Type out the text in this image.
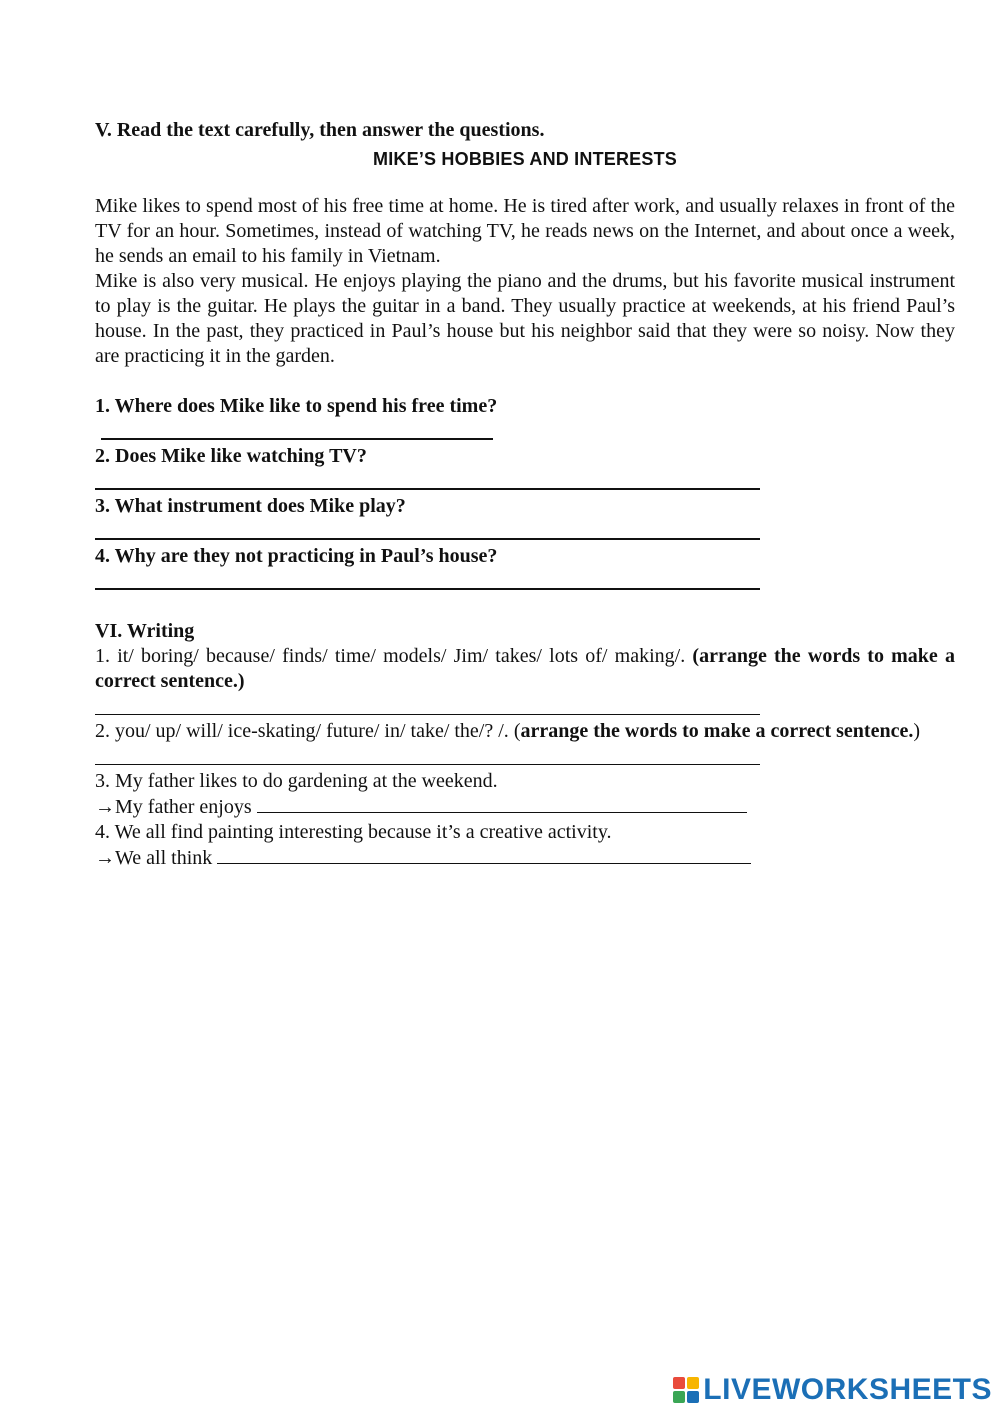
V. Read the text carefully, then answer the questions.

MIKE’S HOBBIES AND INTERESTS

Mike likes to spend most of his free time at home. He is tired after work, and usually relaxes in front of the TV for an hour. Sometimes, instead of watching TV, he reads news on the Internet, and about once a week, he sends an email to his family in Vietnam.

Mike is also very musical. He enjoys playing the piano and the drums, but his favorite musical instrument to play is the guitar. He plays the guitar in a band. They usually practice at weekends, at his friend Paul’s house. In the past, they practiced in Paul’s house but his neighbor said that they were so noisy. Now they are practicing it in the garden.

1. Where does Mike like to spend his free time?

2. Does Mike like watching TV?

3. What instrument does Mike play?

4. Why are they not practicing in Paul’s house?

VI. Writing

1. it/ boring/ because/ finds/ time/ models/ Jim/ takes/ lots of/ making/. (arrange the words to make a correct sentence.)

2. you/ up/ will/ ice-skating/ future/ in/ take/ the/? /. (arrange the words to make a correct sentence.)

3. My father likes to do gardening at the weekend.

→My father enjoys

4. We all find painting interesting because it’s a creative activity.

→We all think

LIVEWORKSHEETS
